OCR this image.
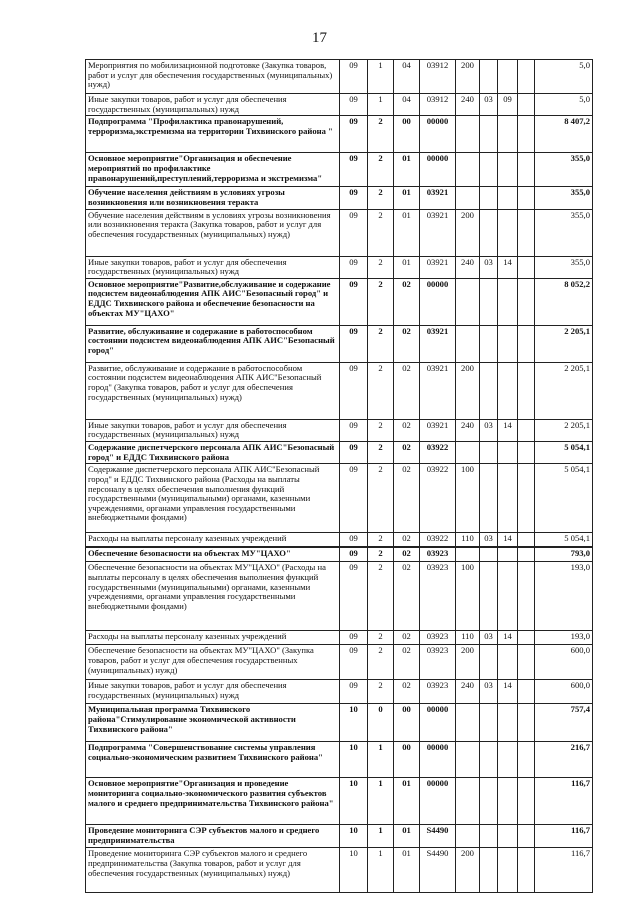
17
Мероприятия по мобилизационной подготовке (Закупка товаров, работ и услуг для обеспечения государственных (муниципальных) нужд)	09	1	04	03912	200				5,0
Иные закупки товаров, работ и услуг для обеспечения государственных (муниципальных) нужд	09	1	04	03912	240	03	09		5,0
Подпрограмма "Профилактика правонарушений, терроризма,экстремизма на территории Тихвинского района "	09	2	00	00000					8 407,2
Основное мероприятие"Организация и обеспечение мероприятий по профилактике правонарушений,преступлений,терроризма и экстремизма"	09	2	01	00000					355,0
Обучение населения действиям в условиях угрозы возникновения или возникновения теракта	09	2	01	03921					355,0
Обучение населения действиям в условиях угрозы возникновения или возникновения теракта (Закупка товаров, работ и услуг для обеспечения государственных (муниципальных) нужд)	09	2	01	03921	200				355,0
Иные закупки товаров, работ и услуг для обеспечения государственных (муниципальных) нужд	09	2	01	03921	240	03	14		355,0
Основное мероприятие"Развитие,обслуживание и содержание подсистем видеонаблюдения АПК АИС"Безопасный город" и ЕДДС Тихвинского района и обеспечение безопасности на объектах МУ"ЦАХО"	09	2	02	00000					8 052,2
Развитие, обслуживание и содержание в работоспособном состоянии подсистем видеонаблюдения АПК АИС"Безопасный город"	09	2	02	03921					2 205,1
Развитие, обслуживание и содержание в работоспособном состоянии подсистем видеонаблюдения АПК АИС"Безопасный город" (Закупка товаров, работ и услуг для обеспечения государственных (муниципальных) нужд)	09	2	02	03921	200				2 205,1
Иные закупки товаров, работ и услуг для обеспечения государственных (муниципальных) нужд	09	2	02	03921	240	03	14		2 205,1
Содержание диспетчерского персонала АПК АИС"Безопасный город" и ЕДДС Тихвинского района	09	2	02	03922					5 054,1
Содержание диспетчерского персонала АПК АИС"Безопасный город" и ЕДДС Тихвинского района (Расходы на выплаты персоналу в целях обеспечения выполнения функций государственными (муниципальными) органами, казенными учреждениями, органами управления государственными внебюджетными фондами)	09	2	02	03922	100				5 054,1
Расходы на выплаты персоналу казенных учреждений	09	2	02	03922	110	03	14		5 054,1
Обеспечение безопасности на объектах МУ"ЦАХО"	09	2	02	03923					793,0
Обеспечение безопасности на объектах МУ"ЦАХО" (Расходы на выплаты персоналу в целях обеспечения выполнения функций государственными (муниципальными) органами, казенными учреждениями, органами управления государственными внебюджетными фондами)	09	2	02	03923	100				193,0
Расходы на выплаты персоналу казенных учреждений	09	2	02	03923	110	03	14		193,0
Обеспечение безопасности на объектах МУ"ЦАХО" (Закупка товаров, работ и услуг для обеспечения государственных (муниципальных) нужд)	09	2	02	03923	200				600,0
Иные закупки товаров, работ и услуг для обеспечения государственных (муниципальных) нужд	09	2	02	03923	240	03	14		600,0
Муниципальная программа Тихвинского района"Стимулирование экономической активности Тихвинского района"	10	0	00	00000					757,4
Подпрограмма "Совершенствование системы управления социально-экономическим развитием Тихвинского района"	10	1	00	00000					216,7
Основное мероприятие"Организация и проведение мониторинга социально-экономического развития субъектов малого и среднего предпринимательства Тихвинского района"	10	1	01	00000					116,7
Проведение мониторинга СЭР субъектов малого и среднего предпринимательства	10	1	01	S4490					116,7
Проведение мониторинга СЭР субъектов малого и среднего предпринимательства (Закупка товаров, работ и услуг для обеспечения государственных (муниципальных) нужд)	10	1	01	S4490	200				116,7
